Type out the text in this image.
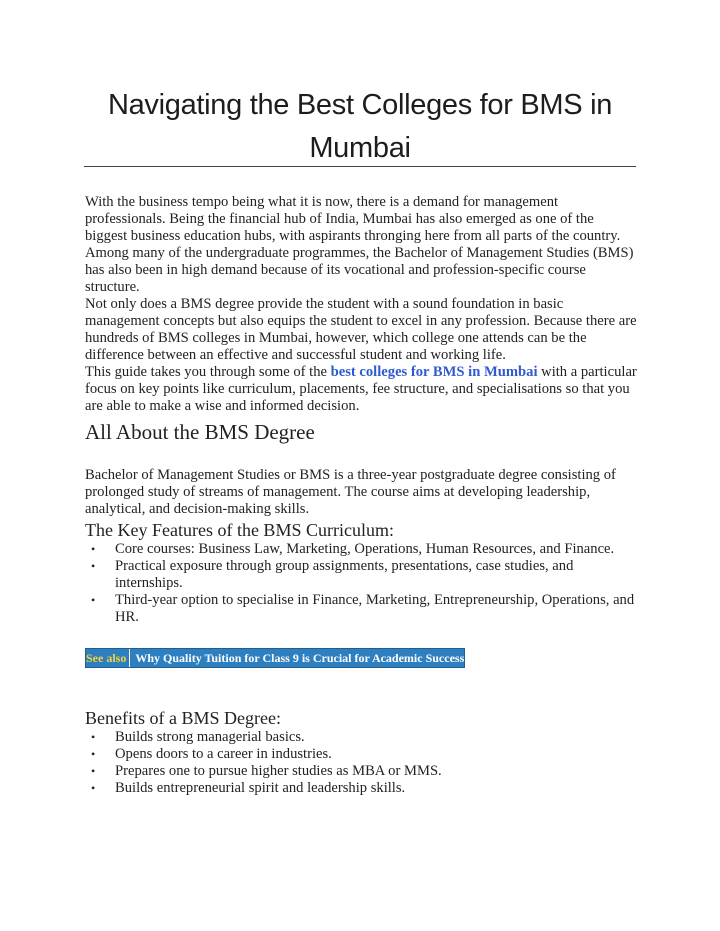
Navigating the Best Colleges for BMS in Mumbai

With the business tempo being what it is now, there is a demand for management professionals. Being the financial hub of India, Mumbai has also emerged as one of the biggest business education hubs, with aspirants thronging here from all parts of the country. Among many of the undergraduate programmes, the Bachelor of Management Studies (BMS) has also been in high demand because of its vocational and profession-specific course structure.

Not only does a BMS degree provide the student with a sound foundation in basic management concepts but also equips the student to excel in any profession. Because there are hundreds of BMS colleges in Mumbai, however, which college one attends can be the difference between an effective and successful student and working life.

This guide takes you through some of the best colleges for BMS in Mumbai with a particular focus on key points like curriculum, placements, fee structure, and specialisations so that you are able to make a wise and informed decision.

All About the BMS Degree

Bachelor of Management Studies or BMS is a three-year postgraduate degree consisting of prolonged study of streams of management. The course aims at developing leadership, analytical, and decision-making skills.

The Key Features of the BMS Curriculum:
• Core courses: Business Law, Marketing, Operations, Human Resources, and Finance.
• Practical exposure through group assignments, presentations, case studies, and internships.
• Third-year option to specialise in Finance, Marketing, Entrepreneurship, Operations, and HR.
See also Why Quality Tuition for Class 9 is Crucial for Academic Success
Benefits of a BMS Degree:
• Builds strong managerial basics.
• Opens doors to a career in industries.
• Prepares one to pursue higher studies as MBA or MMS.
• Builds entrepreneurial spirit and leadership skills.
